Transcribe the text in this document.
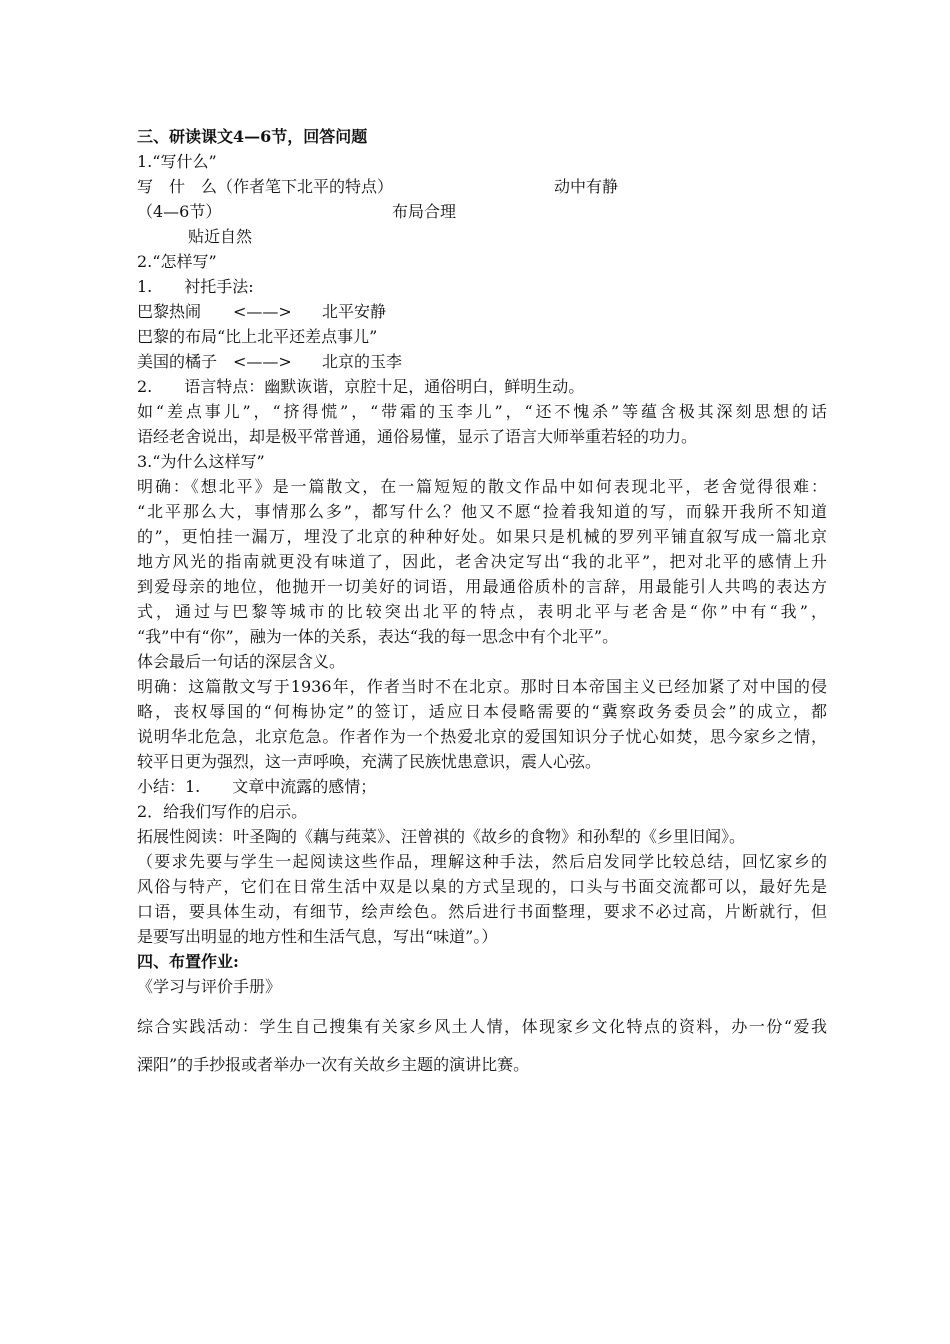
三、研读课文4—6节，回答问题
1.“写什么”
写　什　么（作者笔下北平的特点）	动中有静
（4—6节）	布局合理
贴近自然
2.“怎样写”
1.　　衬托手法:
巴黎热闹 <——> 北平安静
巴黎的布局“比上北平还差点事儿”
美国的橘子 <——> 北京的玉李
2.　　语言特点：幽默诙谐，京腔十足，通俗明白，鲜明生动。
如“差点事儿”，“挤得慌”，“带霜的玉李儿”，“还不愧杀”等蕴含极其深刻思想的话
语经老舍说出，却是极平常普通，通俗易懂，显示了语言大师举重若轻的功力。
3.“为什么这样写”
明确：《想北平》是一篇散文，在一篇短短的散文作品中如何表现北平，老舍觉得很难：
“北平那么大，事情那么多”，都写什么？他又不愿“捡着我知道的写，而躲开我所不知道
的”，更怕挂一漏万，埋没了北京的种种好处。如果只是机械的罗列平铺直叙写成一篇北京
地方风光的指南就更没有味道了，因此，老舍决定写出“我的北平”，把对北平的感情上升
到爱母亲的地位，他抛开一切美好的词语，用最通俗质朴的言辞，用最能引人共鸣的表达方
式，通过与巴黎等城市的比较突出北平的特点，表明北平与老舍是“你”中有“我”，
“我”中有“你”，融为一体的关系，表达“我的每一思念中有个北平”。
体会最后一句话的深层含义。
明确：这篇散文写于1936年，作者当时不在北京。那时日本帝国主义已经加紧了对中国的侵
略，丧权辱国的“何梅协定”的签订，适应日本侵略需要的“冀察政务委员会”的成立，都
说明华北危急，北京危急。作者作为一个热爱北京的爱国知识分子忧心如焚，思今家乡之情，
较平日更为强烈，这一声呼唤，充满了民族忧患意识，震人心弦。
小结：1.　　文章中流露的感情；
2．给我们写作的启示。
拓展性阅读：叶圣陶的《藕与莼菜》、汪曾祺的《故乡的食物》和孙犁的《乡里旧闻》。
（要求先要与学生一起阅读这些作品，理解这种手法，然后启发同学比较总结，回忆家乡的
风俗与特产，它们在日常生活中双是以臬的方式呈现的，口头与书面交流都可以，最好先是
口语，要具体生动，有细节，绘声绘色。然后进行书面整理，要求不必过高，片断就行，但
是要写出明显的地方性和生活气息，写出“味道”。）
四、布置作业:
《学习与评价手册》
综合实践活动：学生自己搜集有关家乡风土人情，体现家乡文化特点的资料，办一份“爱我
溧阳”的手抄报或者举办一次有关故乡主题的演讲比赛。
